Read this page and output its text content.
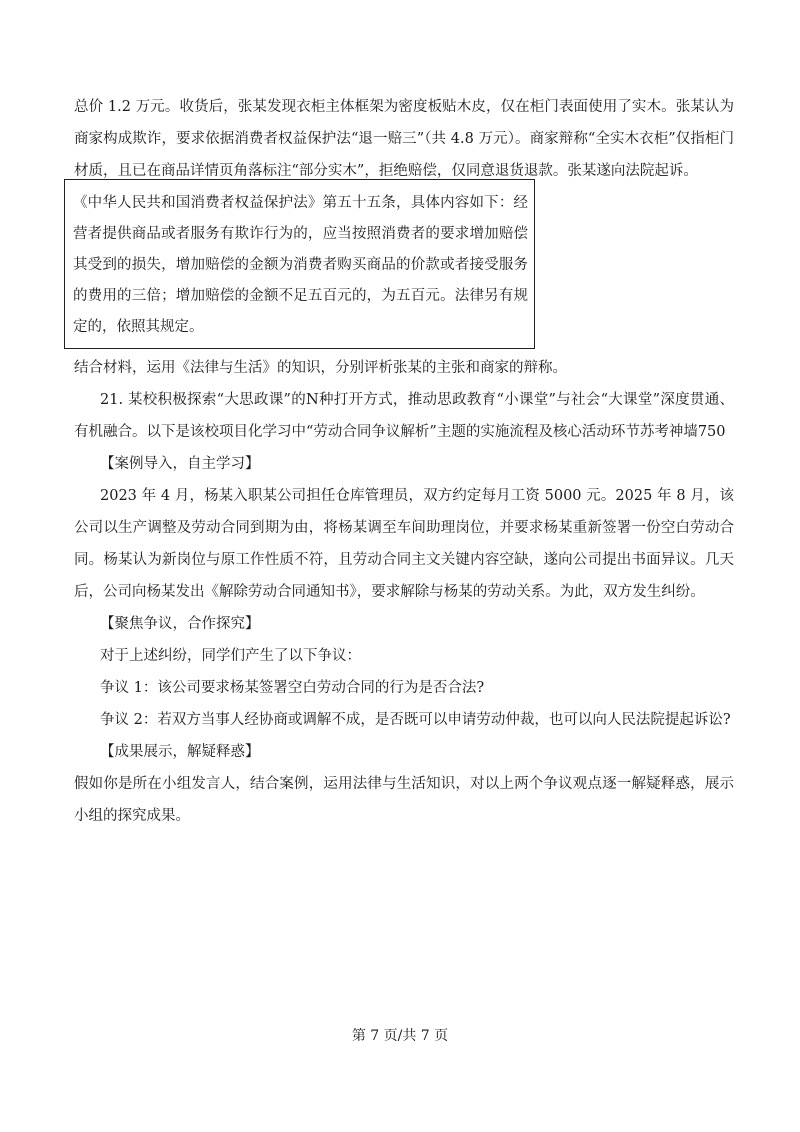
总价 1.2 万元。收货后，张某发现衣柜主体框架为密度板贴木皮，仅在柜门表面使用了实木。张某认为商家构成欺诈，要求依据消费者权益保护法“退一赔三”（共 4.8 万元）。商家辩称“全实木衣柜”仅指柜门材质，且已在商品详情页角落标注“部分实木”，拒绝赔偿，仅同意退货退款。张某遂向法院起诉。

《中华人民共和国消费者权益保护法》第五十五条，具体内容如下：经营者提供商品或者服务有欺诈行为的，应当按照消费者的要求增加赔偿其受到的损失，增加赔偿的金额为消费者购买商品的价款或者接受服务的费用的三倍；增加赔偿的金额不足五百元的，为五百元。法律另有规定的，依照其规定。

结合材料，运用《法律与生活》的知识，分别评析张某的主张和商家的辩称。

21. 某校积极探索“大思政课”的N种打开方式，推动思政教育“小课堂”与社会“大课堂”深度贯通、有机融合。以下是该校项目化学习中“劳动合同争议解析”主题的实施流程及核心活动环节苏考神墙750

【案例导入，自主学习】

2023 年 4 月，杨某入职某公司担任仓库管理员，双方约定每月工资 5000 元。2025 年 8 月，该公司以生产调整及劳动合同到期为由，将杨某调至车间助理岗位，并要求杨某重新签署一份空白劳动合同。杨某认为新岗位与原工作性质不符，且劳动合同主文关键内容空缺，遂向公司提出书面异议。几天后，公司向杨某发出《解除劳动合同通知书》，要求解除与杨某的劳动关系。为此，双方发生纠纷。

【聚焦争议，合作探究】

对于上述纠纷，同学们产生了以下争议：

争议 1：该公司要求杨某签署空白劳动合同的行为是否合法?

争议 2：若双方当事人经协商或调解不成，是否既可以申请劳动仲裁，也可以向人民法院提起诉讼?

【成果展示，解疑释惑】

假如你是所在小组发言人，结合案例，运用法律与生活知识，对以上两个争议观点逐一解疑释惑，展示小组的探究成果。

第 7 页/共 7 页
